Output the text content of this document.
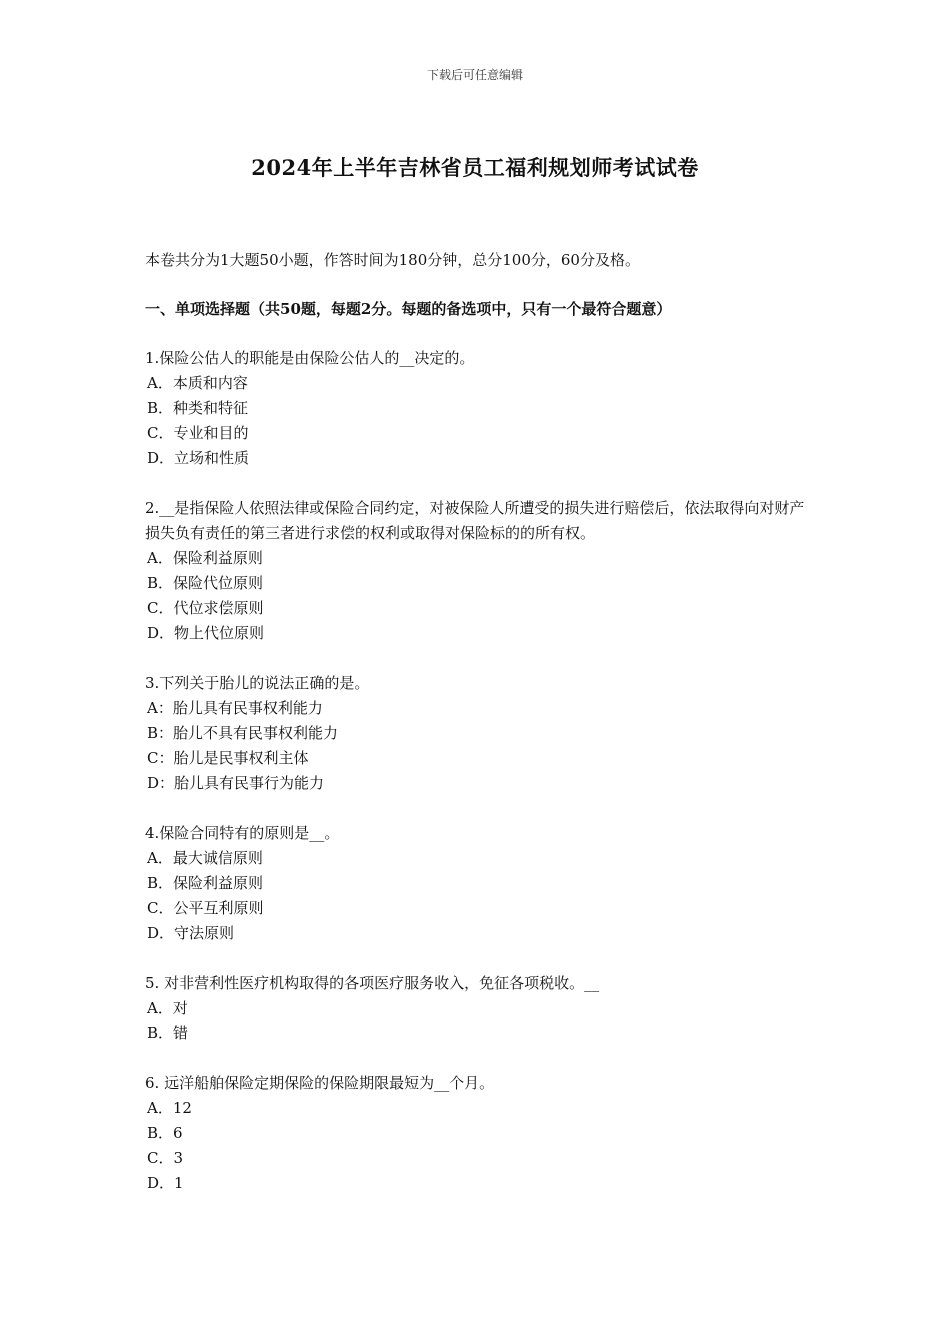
下载后可任意编辑
2024年上半年吉林省员工福利规划师考试试卷

本卷共分为1大题50小题，作答时间为180分钟，总分100分，60分及格。

一、单项选择题（共50题，每题2分。每题的备选项中，只有一个最符合题意）

1.保险公估人的职能是由保险公估人的__决定的。

A．本质和内容

B．种类和特征

C．专业和目的

D．立场和性质

2.__是指保险人依照法律或保险合同约定，对被保险人所遭受的损失进行赔偿后，依法取得向对财产损失负有责任的第三者进行求偿的权利或取得对保险标的的所有权。

A．保险利益原则

B．保险代位原则

C．代位求偿原则

D．物上代位原则

3.下列关于胎儿的说法正确的是。

A：胎儿具有民事权利能力

B：胎儿不具有民事权利能力

C：胎儿是民事权利主体

D：胎儿具有民事行为能力

4.保险合同特有的原则是__。

A．最大诚信原则

B．保险利益原则

C．公平互利原则

D．守法原则

5. 对非营利性医疗机构取得的各项医疗服务收入，免征各项税收。__

A．对

B．错

6. 远洋船舶保险定期保险的保险期限最短为__个月。

A．12

B．6

C．3

D．1
